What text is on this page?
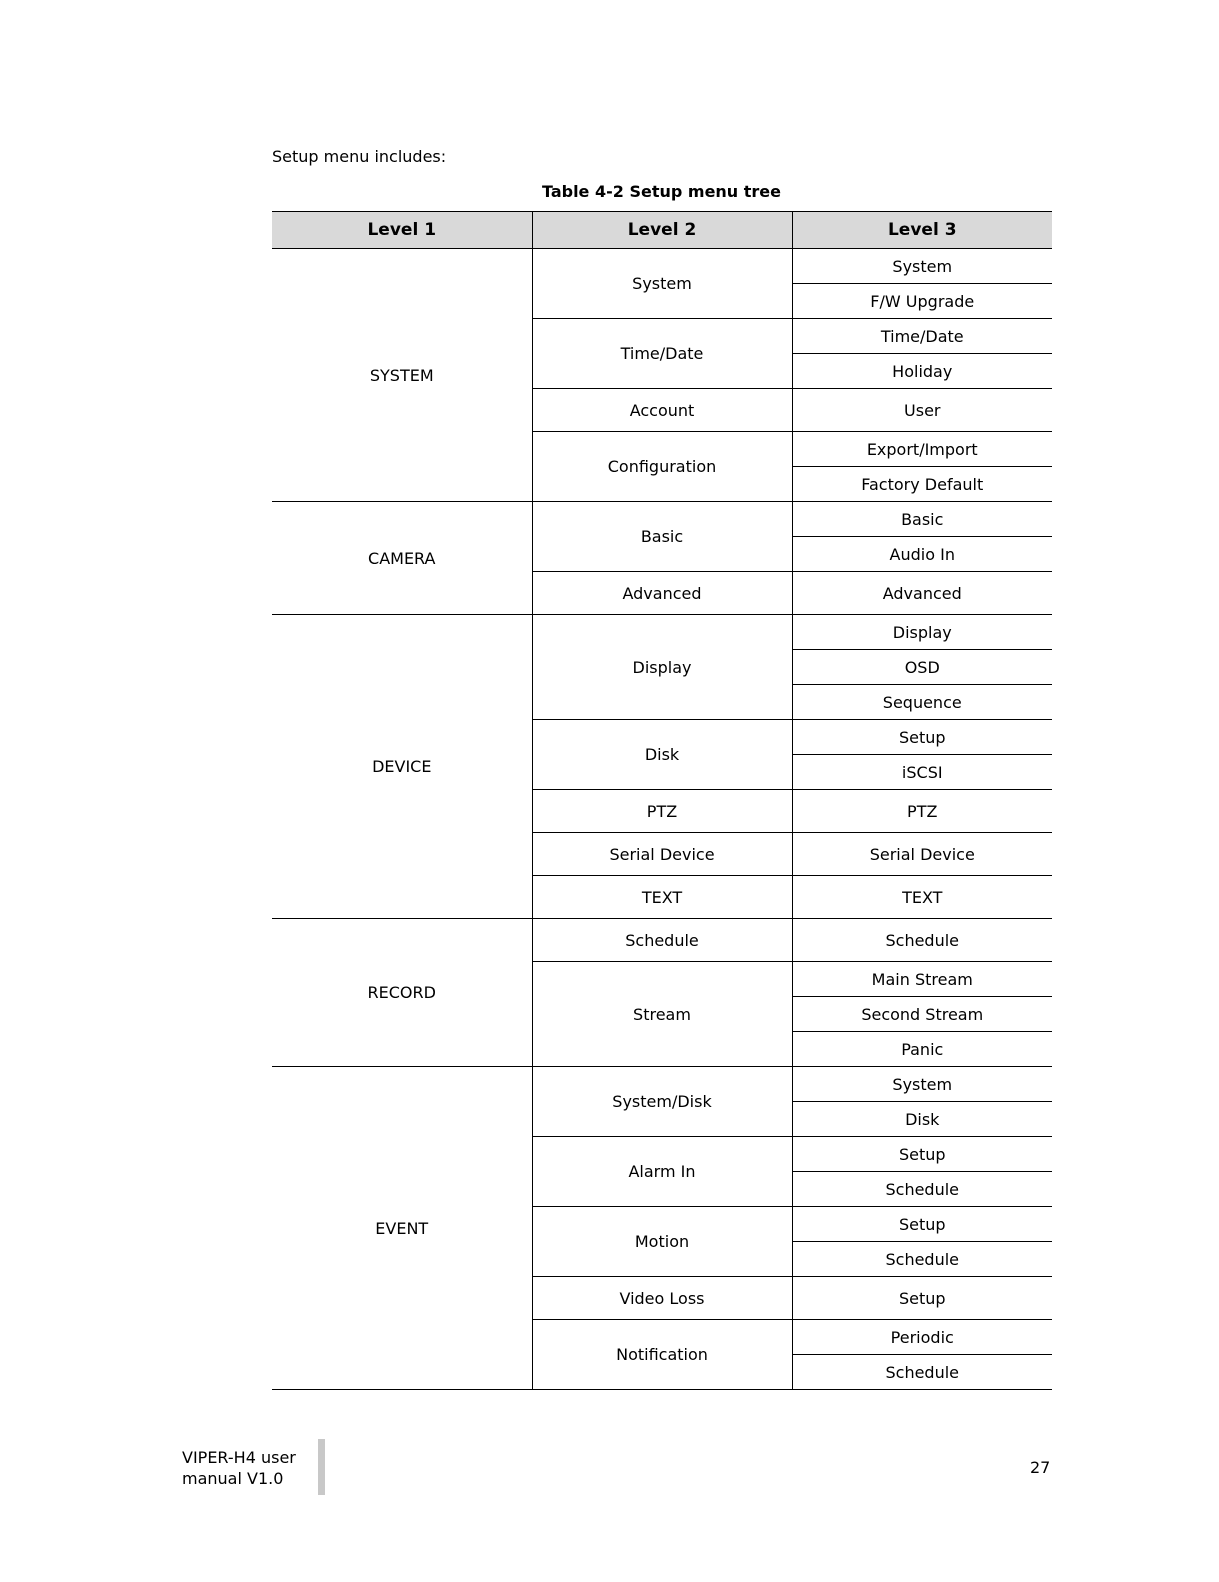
Setup menu includes:

Table 4-2 Setup menu tree

Level 1	Level 2	Level 3
SYSTEM	System	System
		F/W Upgrade
	Time/Date	Time/Date
		Holiday
	Account	User
	Configuration	Export/Import
		Factory Default
CAMERA	Basic	Basic
		Audio In
	Advanced	Advanced
DEVICE	Display	Display
		OSD
		Sequence
	Disk	Setup
		iSCSI
	PTZ	PTZ
	Serial Device	Serial Device
	TEXT	TEXT
RECORD	Schedule	Schedule
	Stream	Main Stream
		Second Stream
		Panic
EVENT	System/Disk	System
		Disk
	Alarm In	Setup
		Schedule
	Motion	Setup
		Schedule
	Video Loss	Setup
	Notification	Periodic
		Schedule
VIPER-H4 user
manual V1.0
27
